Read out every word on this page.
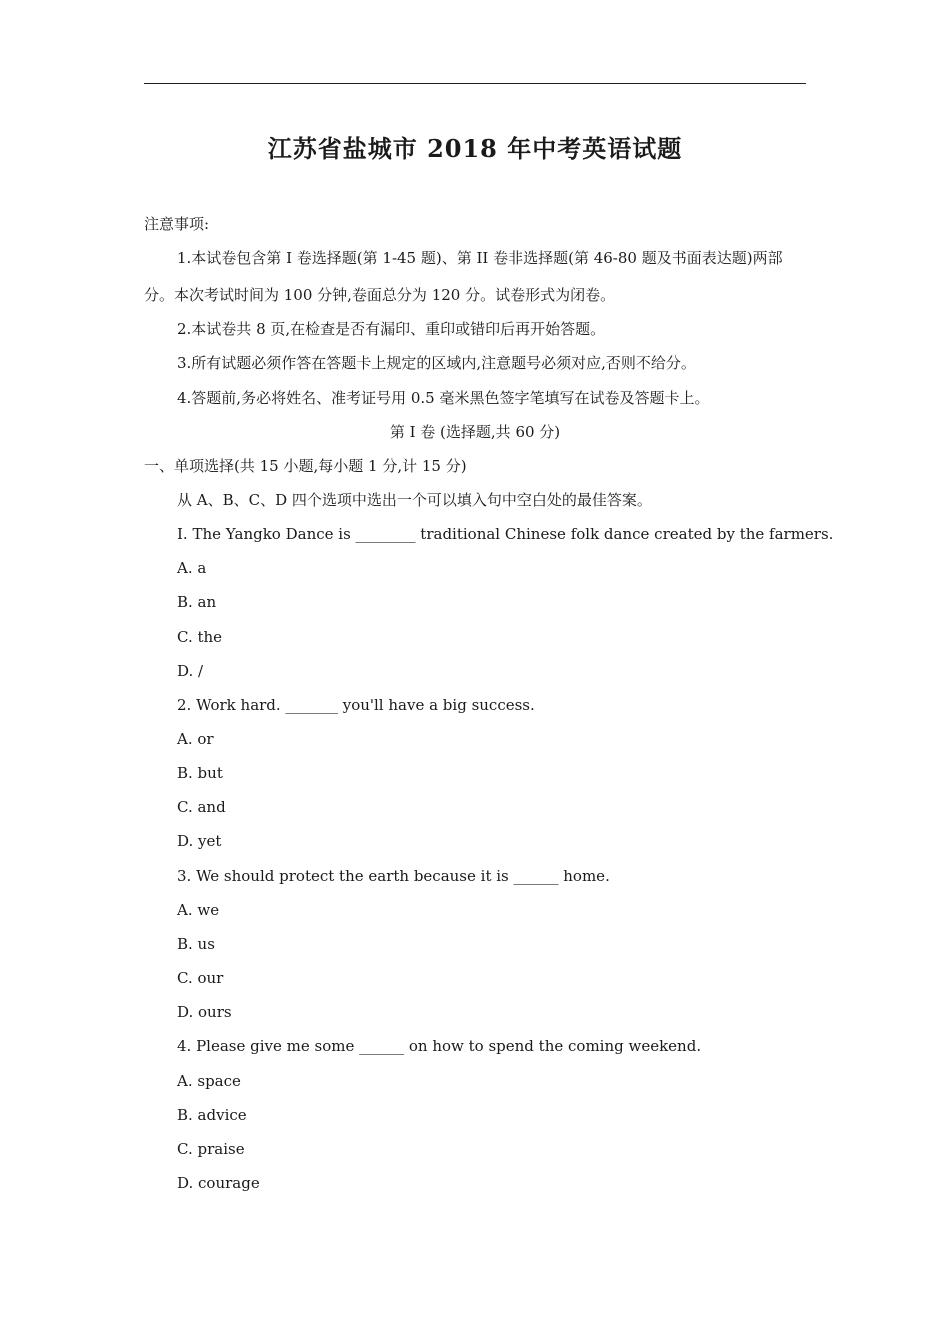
江苏省盐城市 2018 年中考英语试题
注意事项:
1.本试卷包含第 I 卷选择题(第 1-45 题)、第 II 卷非选择题(第 46-80 题及书面表达题)两部
分。本次考试时间为 100 分钟,卷面总分为 120 分。试卷形式为闭卷。
2.本试卷共 8 页,在检查是否有漏印、重印或错印后再开始答题。
3.所有试题必须作答在答题卡上规定的区域内,注意题号必须对应,否则不给分。
4.答题前,务必将姓名、准考证号用 0.5 毫米黑色签字笔填写在试卷及答题卡上。
第 I 卷 (选择题,共 60 分)
一、单项选择(共 15 小题,每小题 1 分,计 15 分)
从 A、B、C、D 四个选项中选出一个可以填入句中空白处的最佳答案。
I. The Yangko Dance is ________ traditional Chinese folk dance created by the farmers.
A. a
B. an
C. the
D. /
2. Work hard. _______ you'll have a big success.
A. or
B. but
C. and
D. yet
3. We should protect the earth because it is ______ home.
A. we
B. us
C. our
D. ours
4. Please give me some ______ on how to spend the coming weekend.
A. space
B. advice
C. praise
D. courage
